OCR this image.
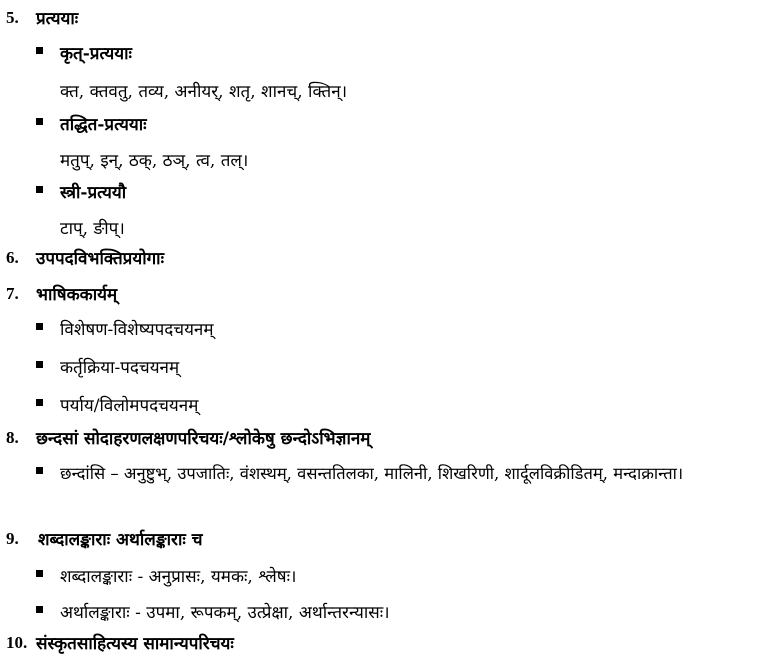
5. प्रत्ययाः
कृत्-प्रत्ययाः
क्त, क्तवतु, तव्य, अनीयर्, शतृ, शानच्, क्तिन्।
तद्धित-प्रत्ययाः
मतुप्, इन्, ठक्, ठञ्, त्व, तल्।
स्त्री-प्रत्ययौ
टाप्, ङीप्।
6. उपपदविभक्तिप्रयोगाः
7. भाषिककार्यम्
विशेषण-विशेष्यपदचयनम्
कर्तृक्रिया-पदचयनम्
पर्याय/विलोमपदचयनम्
8. छन्दसां सोदाहरणलक्षणपरिचयः/श्लोकेषु छन्दोऽभिज्ञानम्
छन्दांसि – अनुष्टुभ्, उपजातिः, वंशस्थम्, वसन्ततिलका, मालिनी, शिखरिणी, शार्दूलविक्रीडितम्, मन्दाक्रान्ता।
9. शब्दालङ्काराः अर्थालङ्काराः च
शब्दालङ्काराः - अनुप्रासः, यमकः, श्लेषः।
अर्थालङ्काराः - उपमा, रूपकम्, उत्प्रेक्षा, अर्थान्तरन्यासः।
10. संस्कृतसाहित्यस्य सामान्यपरिचयः
